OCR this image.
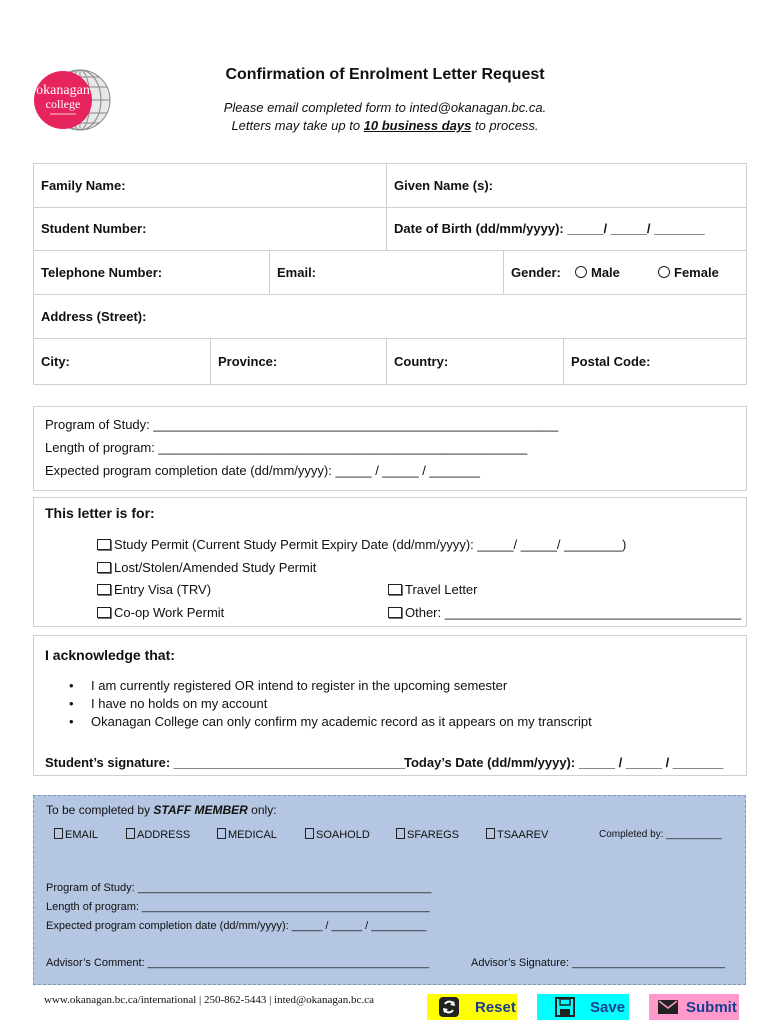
okanagan
college
Confirmation of Enrolment Letter Request
Please email completed form to inted@okanagan.bc.ca.
Letters may take up to 10 business days to process.
Family Name:	Given Name (s):
Student Number:	Date of Birth (dd/mm/yyyy): _____/ _____/ _______
Telephone Number:	Email:	Gender:	Male	Female
Address (Street):
City:	Province:	Country:	Postal Code:
Program of Study: ________________________________________________________
Length of program: ___________________________________________________
Expected program completion date (dd/mm/yyyy): _____ / _____ / _______
This letter is for:
Study Permit (Current Study Permit Expiry Date (dd/mm/yyyy): _____/ _____/ ________)
Lost/Stolen/Amended Study Permit
Entry Visa (TRV)	Travel Letter
Co-op Work Permit	Other: _________________________________________
I acknowledge that:
• I am currently registered OR intend to register in the upcoming semester
• I have no holds on my account
• Okanagan College can only confirm my academic record as it appears on my transcript
Student’s signature: ________________________________
Today’s Date (dd/mm/yyyy): _____ / _____ / _______
To be completed by STAFF MEMBER only:
EMAIL	ADDRESS	MEDICAL	SOAHOLD	SFAREGS	TSAAREV	Completed by: __________
Program of Study: ________________________________________________
Length of program: _______________________________________________
Expected program completion date (dd/mm/yyyy): _____ / _____ / _________
Advisor’s Comment: ______________________________________________	Advisor’s Signature: _________________________
www.okanagan.bc.ca/international | 250-862-5443 | inted@okanagan.bc.ca	Reset	Save	Submit
